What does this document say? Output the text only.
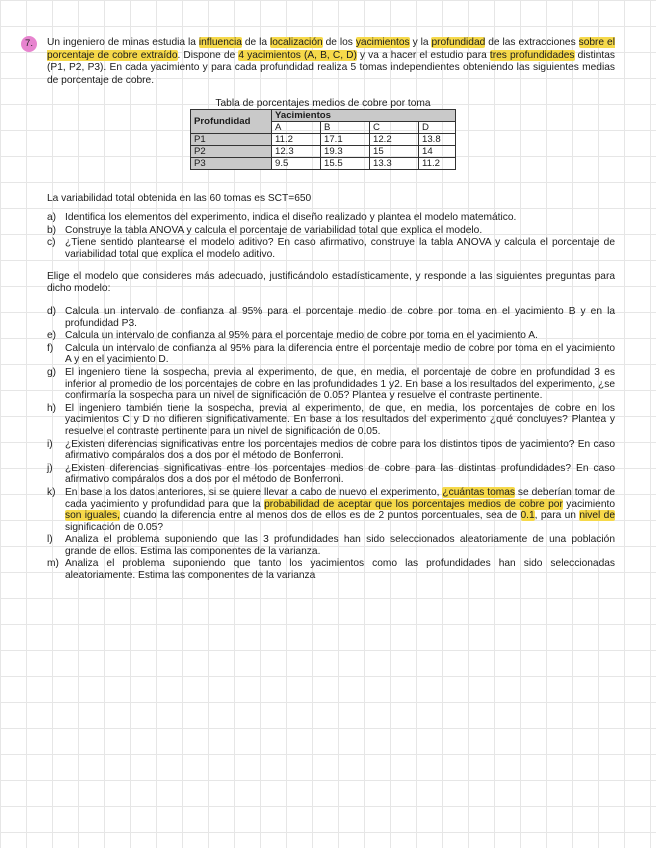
7.	Un ingeniero de minas estudia la influencia de la localización de los yacimientos y la profundidad de las extracciones sobre el porcentaje de cobre extraído. Dispone de 4 yacimientos (A, B, C, D) y va a hacer el estudio para tres profundidades distintas (P1, P2, P3). En cada yacimiento y para cada profundidad realiza 5 tomas independientes obteniendo las siguientes medias de porcentaje de cobre.
Tabla de porcentajes medios de cobre por toma
Profundidad	Yacimientos			
	A	B	C	D
P1	11.2	17.1	12.2	13.8
P2	12.3	19.3	15	14
P3	9.5	15.5	13.3	11.2
La variabilidad total obtenida en las 60 tomas es SCT=650
a) Identifica los elementos del experimento, indica el diseño realizado y plantea el modelo matemático.
b) Construye la tabla ANOVA y calcula el porcentaje de variabilidad total que explica el modelo.
c) ¿Tiene sentido plantearse el modelo aditivo? En caso afirmativo, construye la tabla ANOVA y calcula el porcentaje de variabilidad total que explica el modelo aditivo.
Elige el modelo que consideres más adecuado, justificándolo estadísticamente, y responde a las siguientes preguntas para dicho modelo:
d) Calcula un intervalo de confianza al 95% para el porcentaje medio de cobre por toma en el yacimiento B y en la profundidad P3.
e) Calcula un intervalo de confianza al 95% para el porcentaje medio de cobre por toma en el yacimiento A.
f)	Calcula un intervalo de confianza al 95% para la diferencia entre el porcentaje medio de cobre por toma en el yacimiento A y en el yacimiento D.
g) El ingeniero tiene la sospecha, previa al experimento, de que, en media, el porcentaje de cobre en profundidad 3 es inferior al promedio de los porcentajes de cobre en las profundidades 1 y2. En base a los resultados del experimento, ¿se confirmaría la sospecha para un nivel de significación de 0.05? Plantea y resuelve el contraste pertinente.
h) El ingeniero también tiene la sospecha, previa al experimento, de que, en media, los porcentajes de cobre en los yacimientos C y D no difieren significativamente. En base a los resultados del experimento ¿qué concluyes? Plantea y resuelve el contraste pertinente para un nivel de significación de 0.05.
i)	¿Existen diferencias significativas entre los porcentajes medios de cobre para los distintos tipos de yacimiento? En caso afirmativo compáralos dos a dos por el método de Bonferroni.
j)	¿Existen diferencias significativas entre los porcentajes medios de cobre para las distintas profundidades? En caso afirmativo compáralos dos a dos por el método de Bonferroni.
k) En base a los datos anteriores, si se quiere llevar a cabo de nuevo el experimento, ¿cuántas tomas se deberían tomar de cada yacimiento y profundidad para que la probabilidad de aceptar que los porcentajes medios de cobre por yacimiento son iguales, cuando la diferencia entre al menos dos de ellos es de 2 puntos porcentuales, sea de 0.1, para un nivel de significación de 0.05?
l)	Analiza el problema suponiendo que las 3 profundidades han sido seleccionados aleatoriamente de una población grande de ellos. Estima las componentes de la varianza.
m) Analiza el problema suponiendo que tanto los yacimientos como las profundidades han sido seleccionadas aleatoriamente. Estima las componentes de la varianza
